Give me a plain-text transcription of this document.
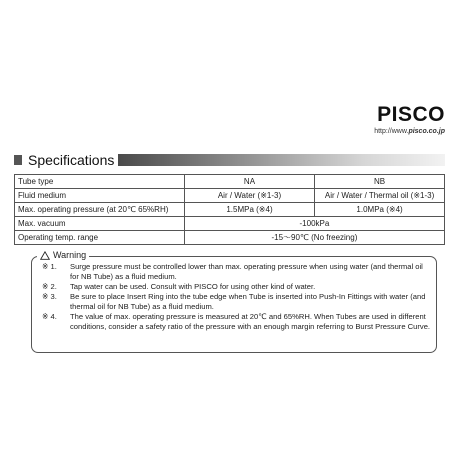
PISCO
http://www.pisco.co.jp
Specifications
Tube type	NA	NB
Fluid medium	Air / Water (※1-3)	Air / Water / Thermal oil (※1-3)
Max. operating pressure (at 20℃ 65%RH)	1.5MPa (※4)	1.0MPa (※4)
Max. vacuum	-100kPa	
Operating temp. range	-15～90℃ (No freezing)	
Warning
※ 1.	Surge pressure must be controlled lower than max. operating pressure when using water (and thermal oil for NB Tube) as a fluid medium.
※ 2.	Tap water can be used. Consult with PISCO for using other kind of water.
※ 3.	Be sure to place Insert Ring into the tube edge when Tube is inserted into Push-In Fittings with water (and thermal oil for NB Tube) as a fluid medium.
※ 4.	The value of max. operating pressure is measured at 20℃ and 65%RH. When Tubes are used in different conditions, consider a safety ratio of the pressure with an enough margin referring to Burst Pressure Curve.
